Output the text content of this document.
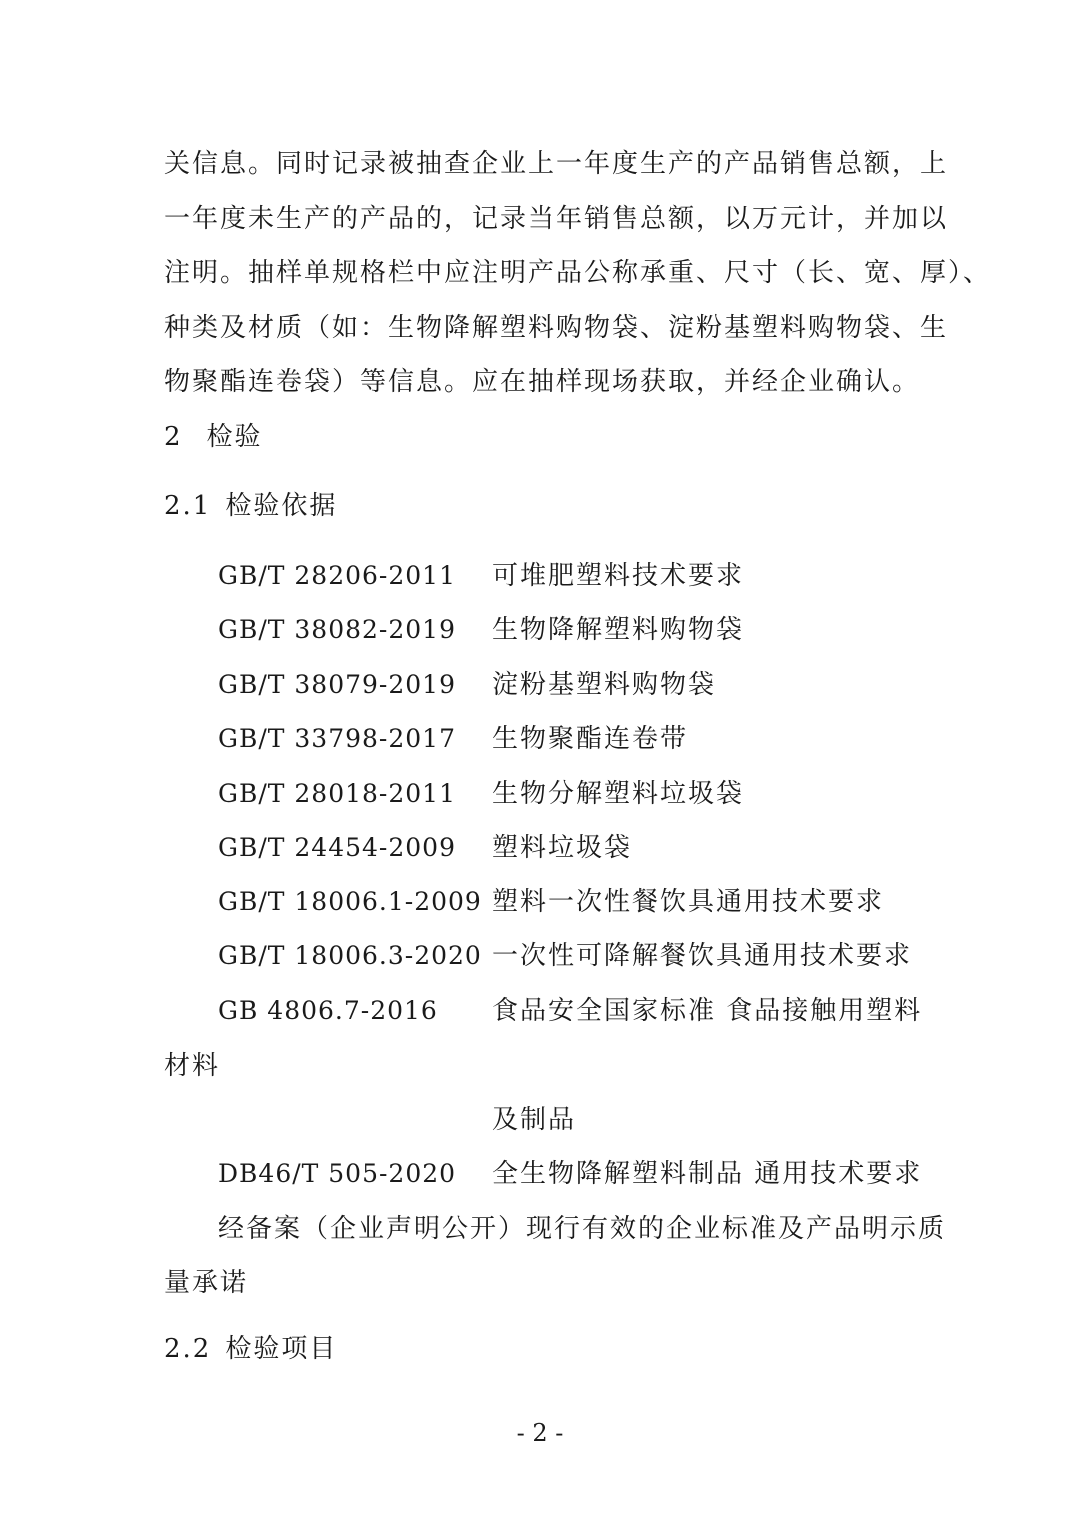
关信息。同时记录被抽查企业上一年度生产的产品销售总额，上
一年度未生产的产品的，记录当年销售总额，以万元计，并加以
注明。抽样单规格栏中应注明产品公称承重、尺寸（长、宽、厚）、
种类及材质（如：生物降解塑料购物袋、淀粉基塑料购物袋、生
物聚酯连卷袋）等信息。应在抽样现场获取，并经企业确认。
2 检验
2.1 检验依据
GB/T 28206-2011 可堆肥塑料技术要求
GB/T 38082-2019 生物降解塑料购物袋
GB/T 38079-2019 淀粉基塑料购物袋
GB/T 33798-2017 生物聚酯连卷带
GB/T 28018-2011 生物分解塑料垃圾袋
GB/T 24454-2009 塑料垃圾袋
GB/T 18006.1-2009 塑料一次性餐饮具通用技术要求
GB/T 18006.3-2020 一次性可降解餐饮具通用技术要求
GB 4806.7-2016 食品安全国家标准 食品接触用塑料
材料
及制品
DB46/T 505-2020 全生物降解塑料制品 通用技术要求
经备案（企业声明公开）现行有效的企业标准及产品明示质
量承诺
2.2 检验项目
- 2 -
